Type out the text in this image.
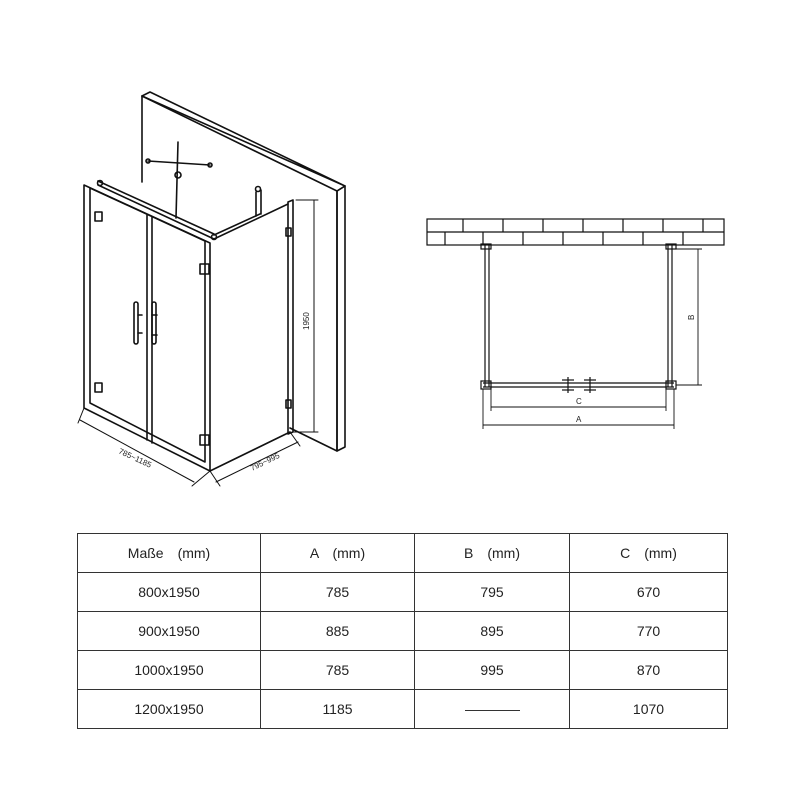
1950
785~1185	795~995
B
C
A
Maße　(mm)	A　(mm)	B　(mm)	C　(mm)
800x1950	785	795	670
900x1950	885	895	770
1000x1950	785	995	870
1200x1950	1185		1070
